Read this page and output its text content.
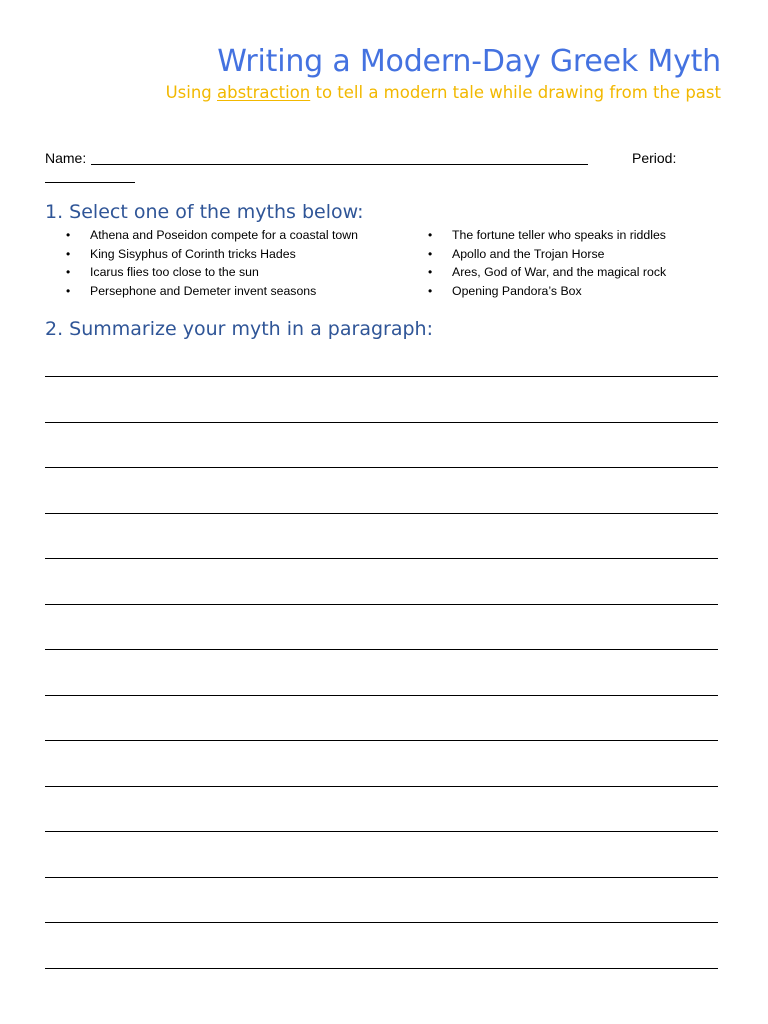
Writing a Modern-Day Greek Myth

Using abstraction to tell a modern tale while drawing from the past

Name:	Period:
1. Select one of the myths below:
• Athena and Poseidon compete for a coastal town
• King Sisyphus of Corinth tricks Hades
• Icarus flies too close to the sun
• Persephone and Demeter invent seasons
• The fortune teller who speaks in riddles
• Apollo and the Trojan Horse
• Ares, God of War, and the magical rock
• Opening Pandora’s Box
2. Summarize your myth in a paragraph:
